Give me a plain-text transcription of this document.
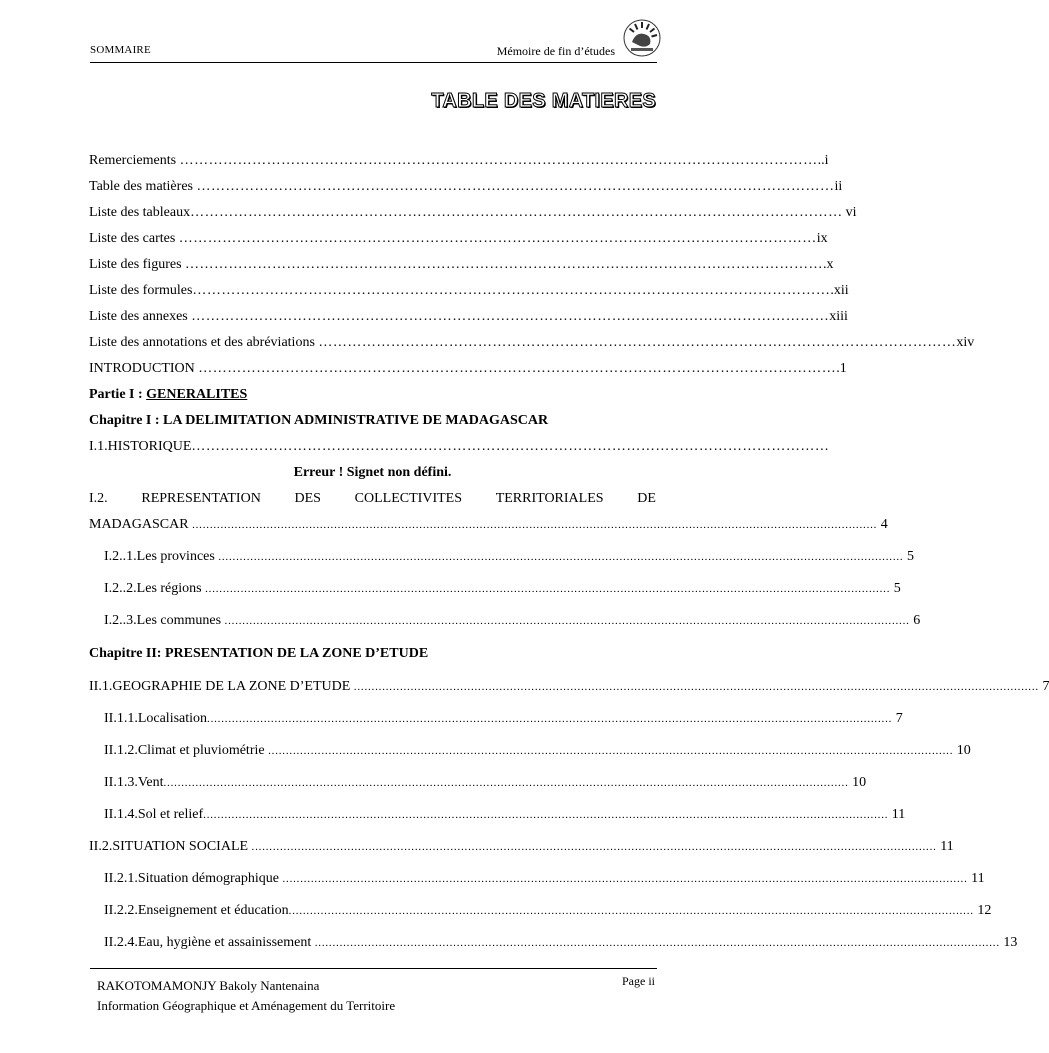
SOMMAIRE	Mémoire de fin d’études
TABLE DES MATIERES
Remerciements
…………………………………………………………………………………………………………………… ..i
Table des matières
…………………………………………………………………………………………………………………… ii
Liste des tableaux …………………………………………………………………………………………………………………… … vi
Liste des cartes
…………………………………………………………………………………………………………………… ix
Liste des figures
…………………………………………………………………………………………………………………… .x
Liste des formules …………………………………………………………………………………………………………………… .xii
Liste des annexes
…………………………………………………………………………………………………………………… xiii
Liste des annotations et des abréviations
…………………………………………………………………………………………………………………… xiv
INTRODUCTION
…………………………………………………………………………………………………………………… .1
Partie I : GENERALITES
Chapitre I : LA DELIMITATION ADMINISTRATIVE DE MADAGASCAR
I.1. HISTORIQUE ……………………………………………………………………………………………………………………
Erreur ! Signet non défini.
I.2. REPRESENTATION DES COLLECTIVITES TERRITORIALES DE
MADAGASCAR
.................................................................................................................................................................................................
4
I.2..1. Les provinces
.................................................................................................................................................................................................
5
I.2..2. Les régions
.................................................................................................................................................................................................
5
I.2..3. Les communes
.................................................................................................................................................................................................
6
Chapitre II: PRESENTATION DE LA ZONE D’ETUDE
II.1. GEOGRAPHIE DE LA ZONE D’ETUDE
.................................................................................................................................................................................................
7
II.1.1. Localisation .................................................................................................................................................................................................
7
II.1.2. Climat et pluviométrie
.................................................................................................................................................................................................
10
II.1.3. Vent .................................................................................................................................................................................................
10
II.1.4. Sol et relief .................................................................................................................................................................................................
11
II.2. SITUATION SOCIALE
.................................................................................................................................................................................................
11
II.2.1. Situation démographique
.................................................................................................................................................................................................
11
II.2.2. Enseignement et éducation .................................................................................................................................................................................................
12
II.2.4. Eau, hygiène et assainissement
.................................................................................................................................................................................................
13
RAKOTOMAMONJY Bakoly Nantenaina
Information Géographique et Aménagement du Territoire
Page ii
